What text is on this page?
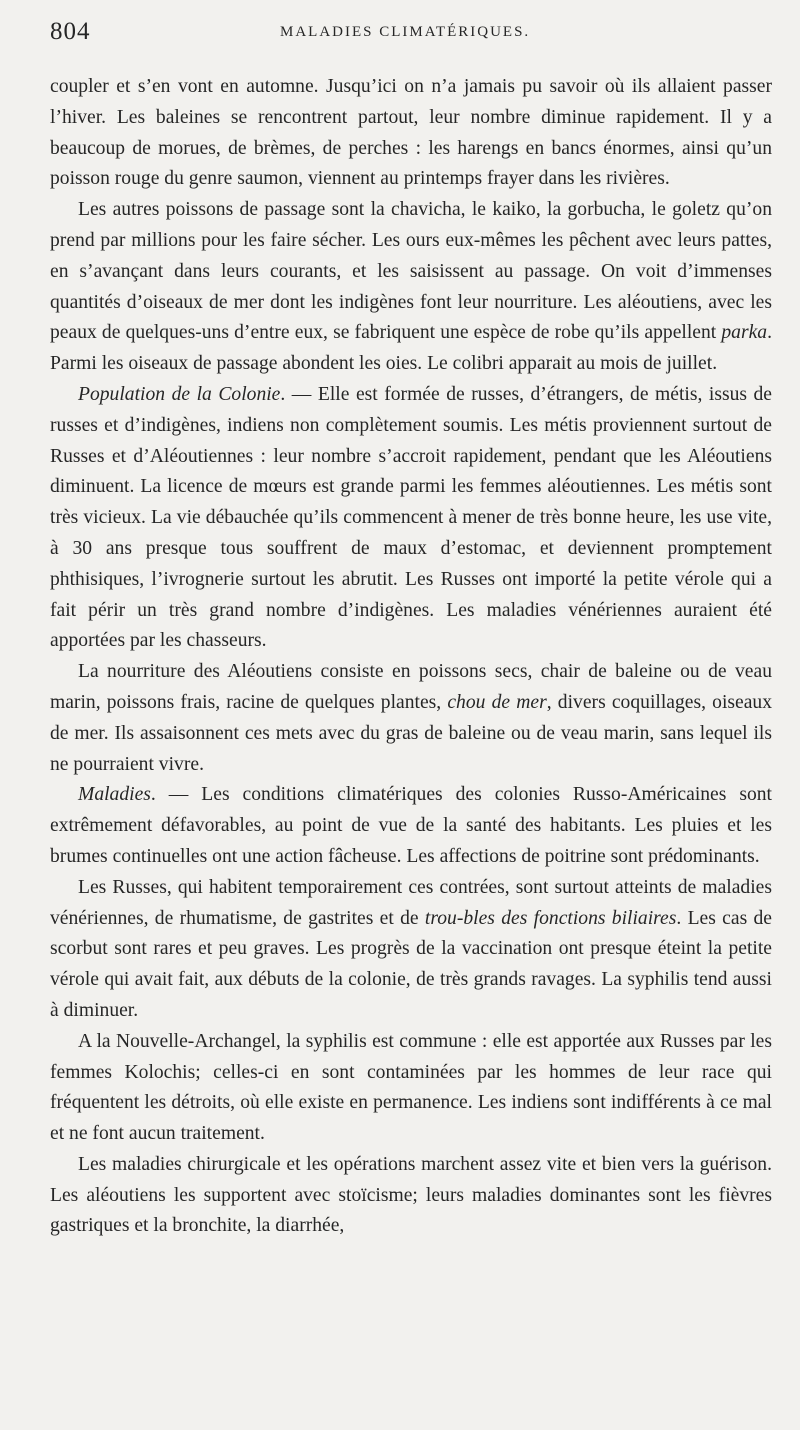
804	MALADIES CLIMATÉRIQUES.

coupler et s’en vont en automne. Jusqu’ici on n’a jamais pu savoir où ils allaient passer l’hiver. Les baleines se rencontrent partout, leur nombre diminue rapidement. Il y a beaucoup de morues, de brèmes, de perches : les harengs en bancs énormes, ainsi qu’un poisson rouge du genre saumon, viennent au printemps frayer dans les rivières.

Les autres poissons de passage sont la chavicha, le kaiko, la gorbucha, le goletz qu’on prend par millions pour les faire sécher. Les ours eux-mêmes les pêchent avec leurs pattes, en s’avançant dans leurs courants, et les saisissent au passage. On voit d’immenses quantités d’oiseaux de mer dont les indigènes font leur nourriture. Les aléoutiens, avec les peaux de quelques-uns d’entre eux, se fabriquent une espèce de robe qu’ils appellent parka. Parmi les oiseaux de passage abondent les oies. Le colibri apparait au mois de juillet.

Population de la Colonie. — Elle est formée de russes, d’étrangers, de métis, issus de russes et d’indigènes, indiens non complètement soumis. Les métis proviennent surtout de Russes et d’Aléoutiennes : leur nombre s’accroit rapidement, pendant que les Aléoutiens diminuent. La licence de mœurs est grande parmi les femmes aléoutiennes. Les métis sont très vicieux. La vie débauchée qu’ils commencent à mener de très bonne heure, les use vite, à 30 ans presque tous souffrent de maux d’estomac, et deviennent promptement phthisiques, l’ivrognerie surtout les abrutit. Les Russes ont importé la petite vérole qui a fait périr un très grand nombre d’indigènes. Les maladies vénériennes auraient été apportées par les chasseurs.

La nourriture des Aléoutiens consiste en poissons secs, chair de baleine ou de veau marin, poissons frais, racine de quelques plantes, chou de mer, divers coquillages, oiseaux de mer. Ils assaisonnent ces mets avec du gras de baleine ou de veau marin, sans lequel ils ne pourraient vivre.

Maladies. — Les conditions climatériques des colonies Russo-Américaines sont extrêmement défavorables, au point de vue de la santé des habitants. Les pluies et les brumes continuelles ont une action fâcheuse. Les affections de poitrine sont prédominants.

Les Russes, qui habitent temporairement ces contrées, sont surtout atteints de maladies vénériennes, de rhumatisme, de gastrites et de trou-bles des fonctions biliaires. Les cas de scorbut sont rares et peu graves. Les progrès de la vaccination ont presque éteint la petite vérole qui avait fait, aux débuts de la colonie, de très grands ravages. La syphilis tend aussi à diminuer.

A la Nouvelle-Archangel, la syphilis est commune : elle est apportée aux Russes par les femmes Kolochis; celles-ci en sont contaminées par les hommes de leur race qui fréquentent les détroits, où elle existe en permanence. Les indiens sont indifférents à ce mal et ne font aucun traitement.

Les maladies chirurgicale et les opérations marchent assez vite et bien vers la guérison. Les aléoutiens les supportent avec stoïcisme; leurs maladies dominantes sont les fièvres gastriques et la bronchite, la diarrhée,
